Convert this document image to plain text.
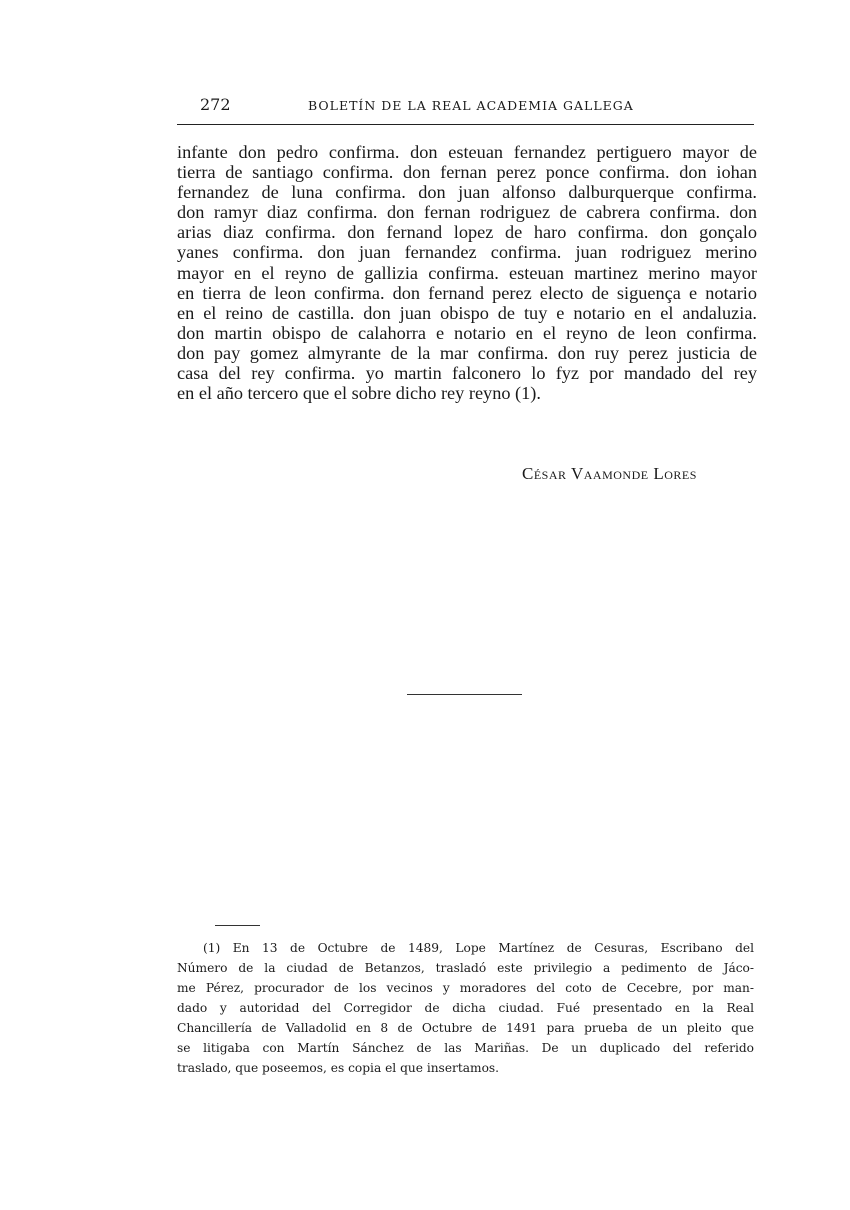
272	BOLETÍN DE LA REAL ACADEMIA GALLEGA
infante don pedro confirma. don esteuan fernandez pertiguero mayor de
tierra de santiago confirma. don fernan perez ponce confirma. don iohan
fernandez de luna confirma. don juan alfonso dalburquerque confirma.
don ramyr diaz confirma. don fernan rodriguez de cabrera confirma. don
arias diaz confirma. don fernand lopez de haro confirma. don gonçalo
yanes confirma. don juan fernandez confirma. juan rodriguez merino
mayor en el reyno de gallizia confirma. esteuan martinez merino mayor
en tierra de leon confirma. don fernand perez electo de siguença e notario
en el reino de castilla. don juan obispo de tuy e notario en el andaluzia.
don martin obispo de calahorra e notario en el reyno de leon confirma.
don pay gomez almyrante de la mar confirma. don ruy perez justicia de
casa del rey confirma. yo martin falconero lo fyz por mandado del rey
en el año tercero que el sobre dicho rey reyno (1).
César Vaamonde Lores
(1) En 13 de Octubre de 1489, Lope Martínez de Cesuras, Escribano del
Número de la ciudad de Betanzos, trasladó este privilegio a pedimento de Jáco-
me Pérez, procurador de los vecinos y moradores del coto de Cecebre, por man-
dado y autoridad del Corregidor de dicha ciudad. Fué presentado en la Real
Chancillería de Valladolid en 8 de Octubre de 1491 para prueba de un pleito que
se litigaba con Martín Sánchez de las Mariñas. De un duplicado del referido
traslado, que poseemos, es copia el que insertamos.
